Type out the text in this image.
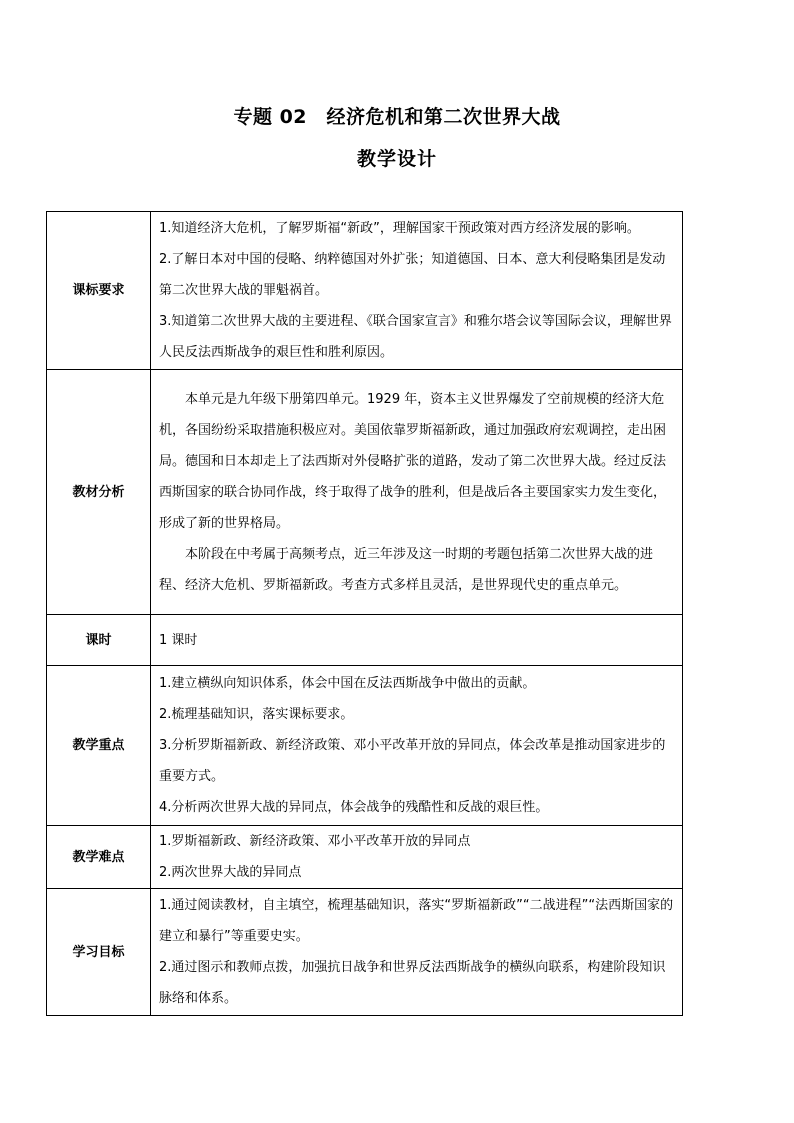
专题 02　经济危机和第二次世界大战
教学设计
课标要求	1.知道经济大危机，了解罗斯福“新政”，理解国家干预政策对西方经济发展的影响。

2.了解日本对中国的侵略、纳粹德国对外扩张；知道德国、日本、意大利侵略集团是发动第二次世界大战的罪魁祸首。

3.知道第二次世界大战的主要进程、《联合国家宣言》和雅尔塔会议等国际会议，理解世界人民反法西斯战争的艰巨性和胜利原因。

教材分析	本单元是九年级下册第四单元。1929 年，资本主义世界爆发了空前规模的经济大危机，各国纷纷采取措施积极应对。美国依靠罗斯福新政，通过加强政府宏观调控，走出困局。德国和日本却走上了法西斯对外侵略扩张的道路，发动了第二次世界大战。经过反法西斯国家的联合协同作战，终于取得了战争的胜利，但是战后各主要国家实力发生变化，形成了新的世界格局。

本阶段在中考属于高频考点，近三年涉及这一时期的考题包括第二次世界大战的进程、经济大危机、罗斯福新政。考查方式多样且灵活，是世界现代史的重点单元。

课时	1 课时

教学重点	1.建立横纵向知识体系，体会中国在反法西斯战争中做出的贡献。

2.梳理基础知识，落实课标要求。

3.分析罗斯福新政、新经济政策、邓小平改革开放的异同点，体会改革是推动国家进步的重要方式。

4.分析两次世界大战的异同点，体会战争的残酷性和反战的艰巨性。

教学难点	1.罗斯福新政、新经济政策、邓小平改革开放的异同点

2.两次世界大战的异同点

学习目标	1.通过阅读教材，自主填空，梳理基础知识，落实“罗斯福新政”“二战进程”“法西斯国家的建立和暴行”等重要史实。

2.通过图示和教师点拨，加强抗日战争和世界反法西斯战争的横纵向联系，构建阶段知识脉络和体系。
